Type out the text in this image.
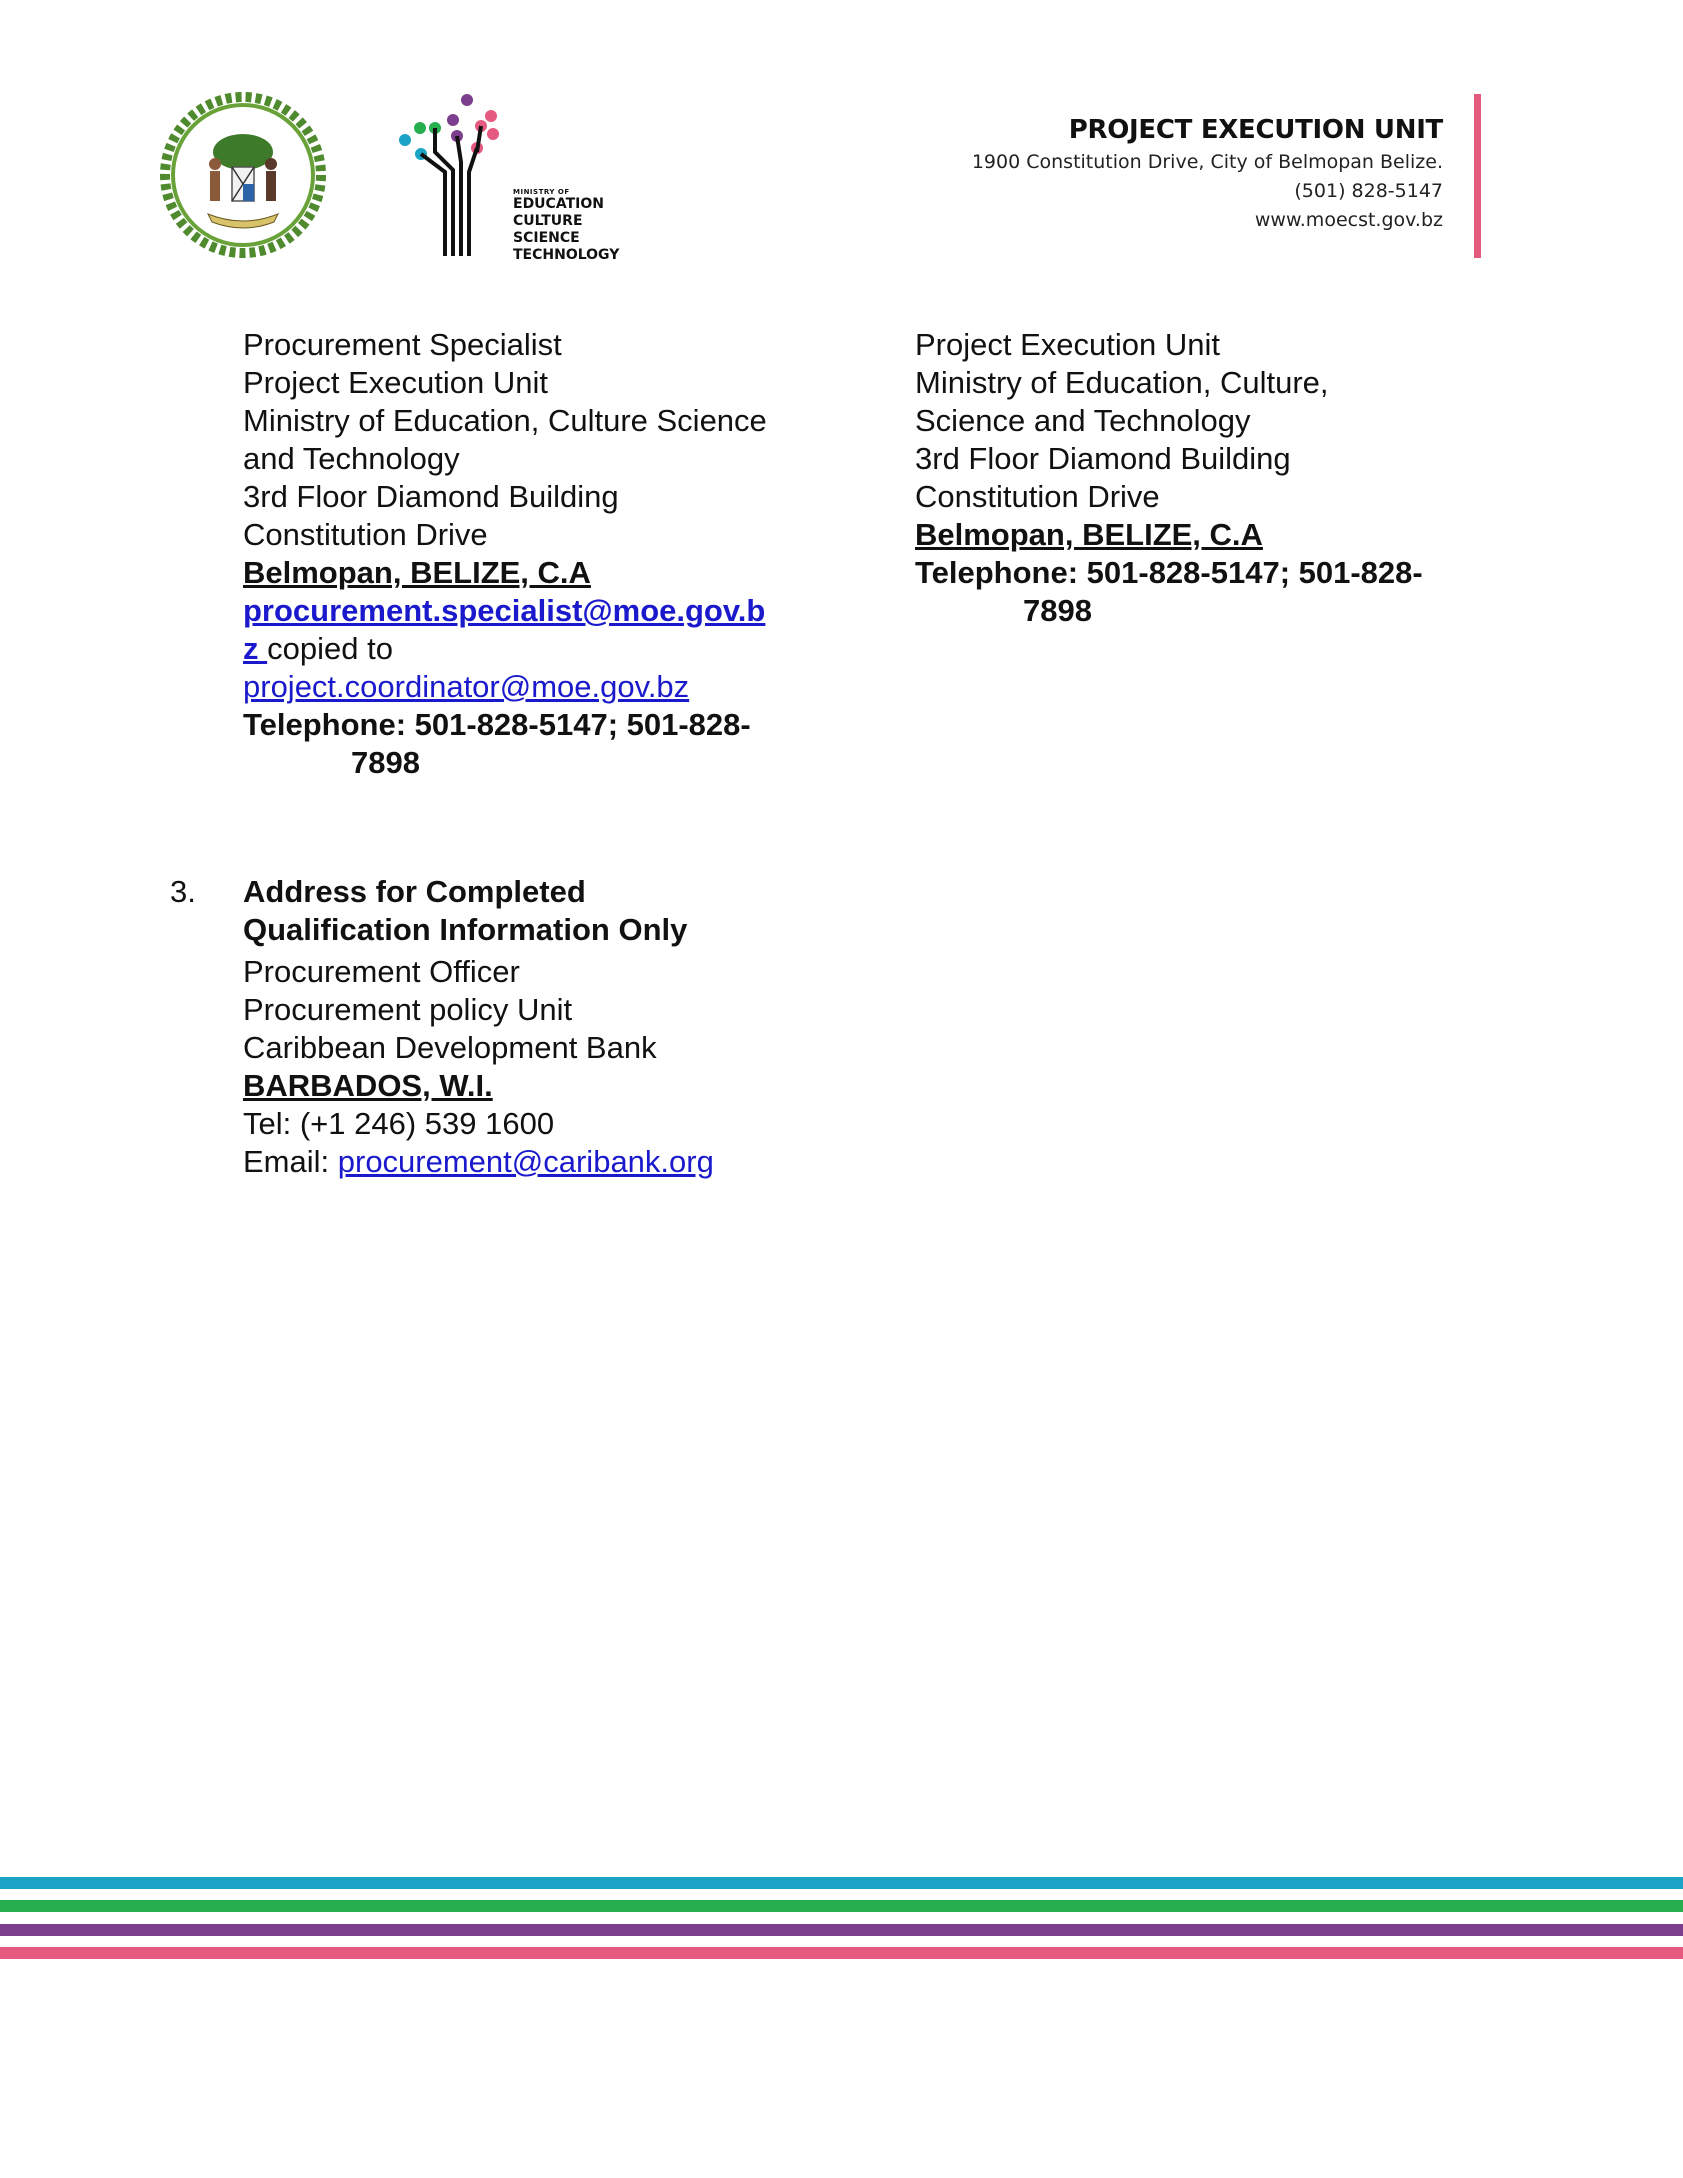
MINISTRY OF
EDUCATION
CULTURE
SCIENCE
TECHNOLOGY
PROJECT EXECUTION UNIT
1900 Constitution Drive, City of Belmopan Belize.
(501) 828-5147
www.moecst.gov.bz
Procurement Specialist
Project Execution Unit
Ministry of Education, Culture Science
and Technology
3rd Floor Diamond Building
Constitution Drive
Belmopan, BELIZE, C.A
procurement.specialist@moe.gov.b
z copied to
project.coordinator@moe.gov.bz
Telephone: 501-828-5147; 501-828-
7898
Project Execution Unit
Ministry of Education, Culture,
Science and Technology
3rd Floor Diamond Building
Constitution Drive
Belmopan, BELIZE, C.A
Telephone: 501-828-5147; 501-828-
7898
3. Address for Completed
Qualification Information Only
Procurement Officer
Procurement policy Unit
Caribbean Development Bank
BARBADOS, W.I.
Tel: (+1 246) 539 1600
Email: procurement@caribank.org
